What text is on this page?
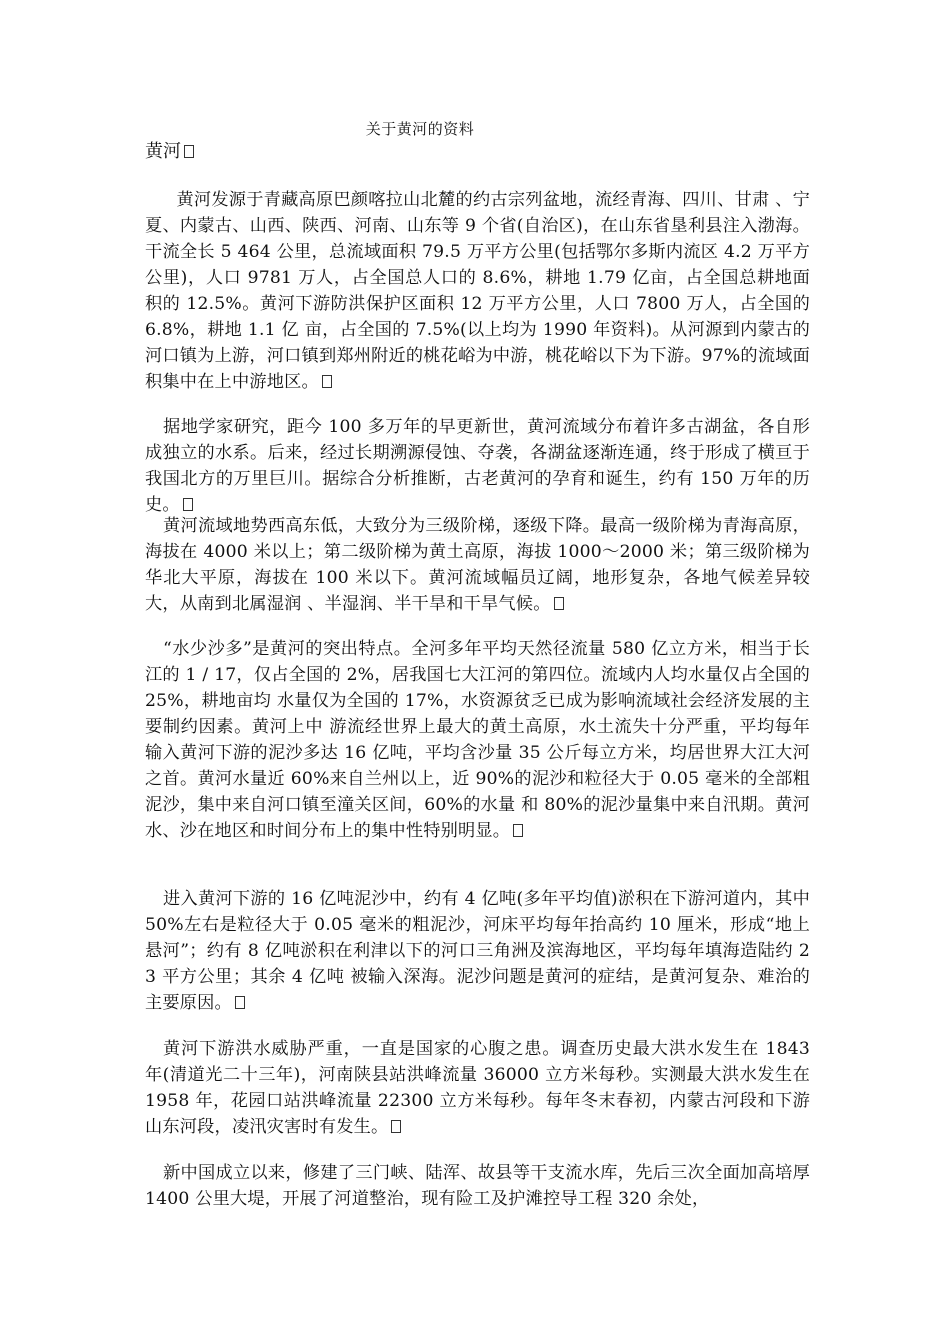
关于黄河的资料
黄河
　黄河发源于青藏高原巴颜喀拉山北麓的约古宗列盆地，流经青海、四川、甘肃 、宁夏、内蒙古、山西、陕西、河南、山东等 9 个省(自治区)，在山东省垦利县注入渤海。 干流全长 5 464 公里，总流域面积 79.5 万平方公里(包括鄂尔多斯内流区 4.2 万平方公里)，人口 9781 万人，占全国总人口的 8.6%，耕地 1.79 亿亩，占全国总耕地面积的 12.5%。黄河下游防洪保护区面积 12 万平方公里，人口 7800 万人，占全国的 6.8%，耕地 1.1 亿 亩，占全国的 7.5%(以上均为 1990 年资料)。从河源到内蒙古的河口镇为上游，河口镇到郑州附近的桃花峪为中游，桃花峪以下为下游。97%的流域面积集中在上中游地区。
据地学家研究，距今 100 多万年的早更新世，黄河流域分布着许多古湖盆，各自形成独立的水系。后来，经过长期溯源侵蚀、夺袭，各湖盆逐渐连通，终于形成了横亘于我国北方的万里巨川。据综合分析推断，古老黄河的孕育和诞生，约有 150 万年的历史。
黄河流域地势西高东低，大致分为三级阶梯，逐级下降。最高一级阶梯为青海高原，海拔在 4000 米以上；第二级阶梯为黄土高原，海拔 1000～2000 米；第三级阶梯为华北大平原，海拔在 100 米以下。黄河流域幅员辽阔，地形复杂，各地气候差异较大，从南到北属湿润 、半湿润、半干旱和干旱气候。
“水少沙多”是黄河的突出特点。全河多年平均天然径流量 580 亿立方米，相当于长江的 1 / 17，仅占全国的 2%，居我国七大江河的第四位。流域内人均水量仅占全国的 25%，耕地亩均 水量仅为全国的 17%，水资源贫乏已成为影响流域社会经济发展的主要制约因素。黄河上中 游流经世界上最大的黄土高原，水土流失十分严重，平均每年输入黄河下游的泥沙多达 16 亿吨，平均含沙量 35 公斤每立方米，均居世界大江大河之首。黄河水量近 60%来自兰州以上，近 90%的泥沙和粒径大于 0.05 毫米的全部粗泥沙，集中来自河口镇至潼关区间，60%的水量 和 80%的泥沙量集中来自汛期。黄河水、沙在地区和时间分布上的集中性特别明显。
进入黄河下游的 16 亿吨泥沙中，约有 4 亿吨(多年平均值)淤积在下游河道内，其中 50%左右是粒径大于 0.05 毫米的粗泥沙，河床平均每年抬高约 10 厘米，形成“地上悬河”；约有 8 亿吨淤积在利津以下的河口三角洲及滨海地区，平均每年填海造陆约 23 平方公里；其余 4 亿吨 被输入深海。泥沙问题是黄河的症结，是黄河复杂、难治的主要原因。
黄河下游洪水威胁严重，一直是国家的心腹之患。调查历史最大洪水发生在 1843 年(清道光二十三年)，河南陕县站洪峰流量 36000 立方米每秒。实测最大洪水发生在 1958 年，花园口站洪峰流量 22300 立方米每秒。每年冬末春初，内蒙古河段和下游山东河段，凌汛灾害时有发生。
新中国成立以来，修建了三门峡、陆浑、故县等干支流水库，先后三次全面加高培厚 1400 公里大堤，开展了河道整治，现有险工及护滩控导工程 320 余处，
